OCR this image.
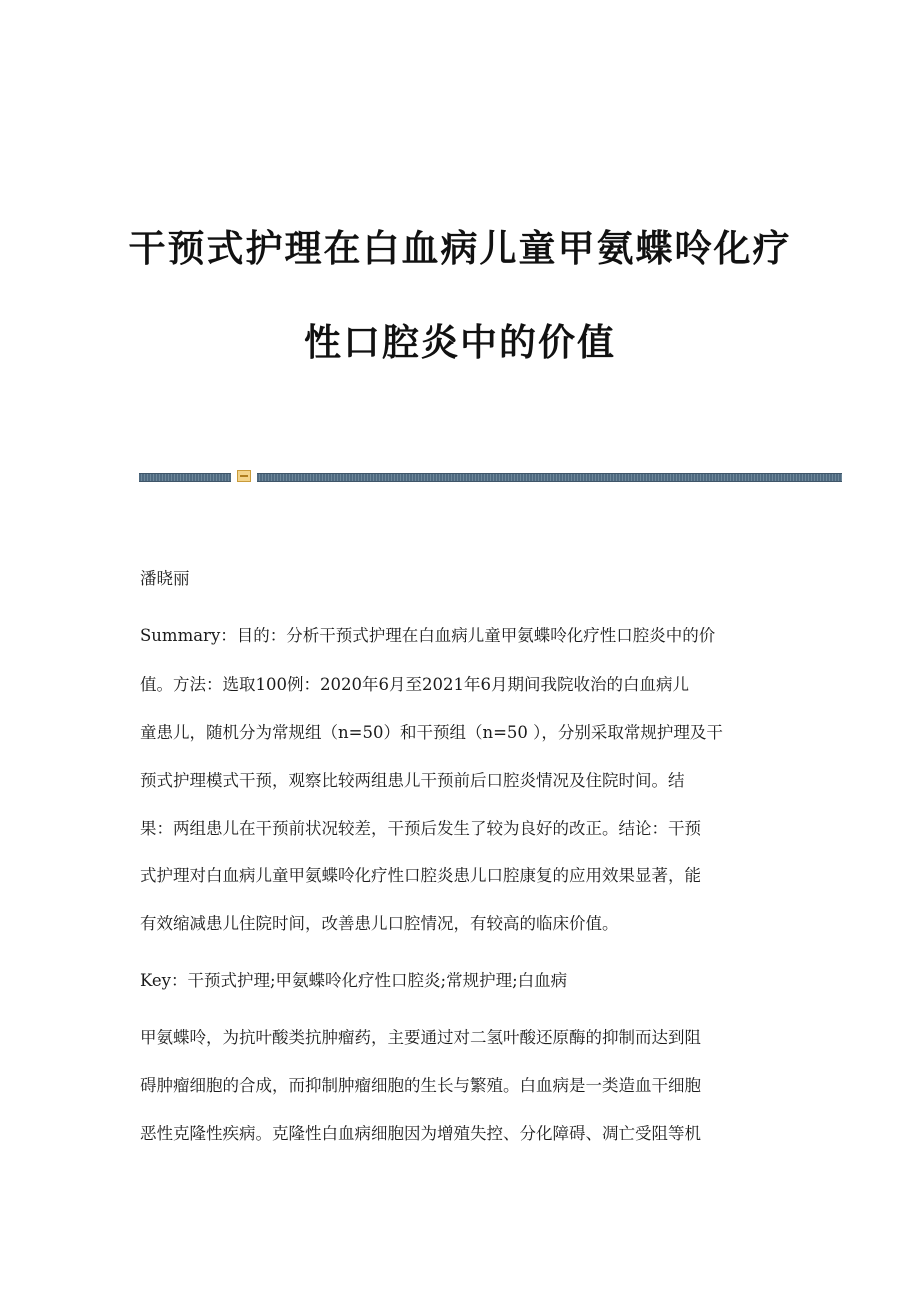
干预式护理在白血病儿童甲氨蝶呤化疗
性口腔炎中的价值
潘晓丽
Summary：目的：分析干预式护理在白血病儿童甲氨蝶呤化疗性口腔炎中的价
值。方法：选取100例：2020年6月至2021年6月期间我院收治的白血病儿
童患儿，随机分为常规组（n=50）和干预组（n=50 ），分别采取常规护理及干
预式护理模式干预，观察比较两组患儿干预前后口腔炎情况及住院时间。结
果：两组患儿在干预前状况较差，干预后发生了较为良好的改正。结论：干预
式护理对白血病儿童甲氨蝶呤化疗性口腔炎患儿口腔康复的应用效果显著，能
有效缩减患儿住院时间，改善患儿口腔情况，有较高的临床价值。
Key：干预式护理;甲氨蝶呤化疗性口腔炎;常规护理;白血病
甲氨蝶呤，为抗叶酸类抗肿瘤药，主要通过对二氢叶酸还原酶的抑制而达到阻
碍肿瘤细胞的合成，而抑制肿瘤细胞的生长与繁殖。白血病是一类造血干细胞
恶性克隆性疾病。克隆性白血病细胞因为增殖失控、分化障碍、凋亡受阻等机
